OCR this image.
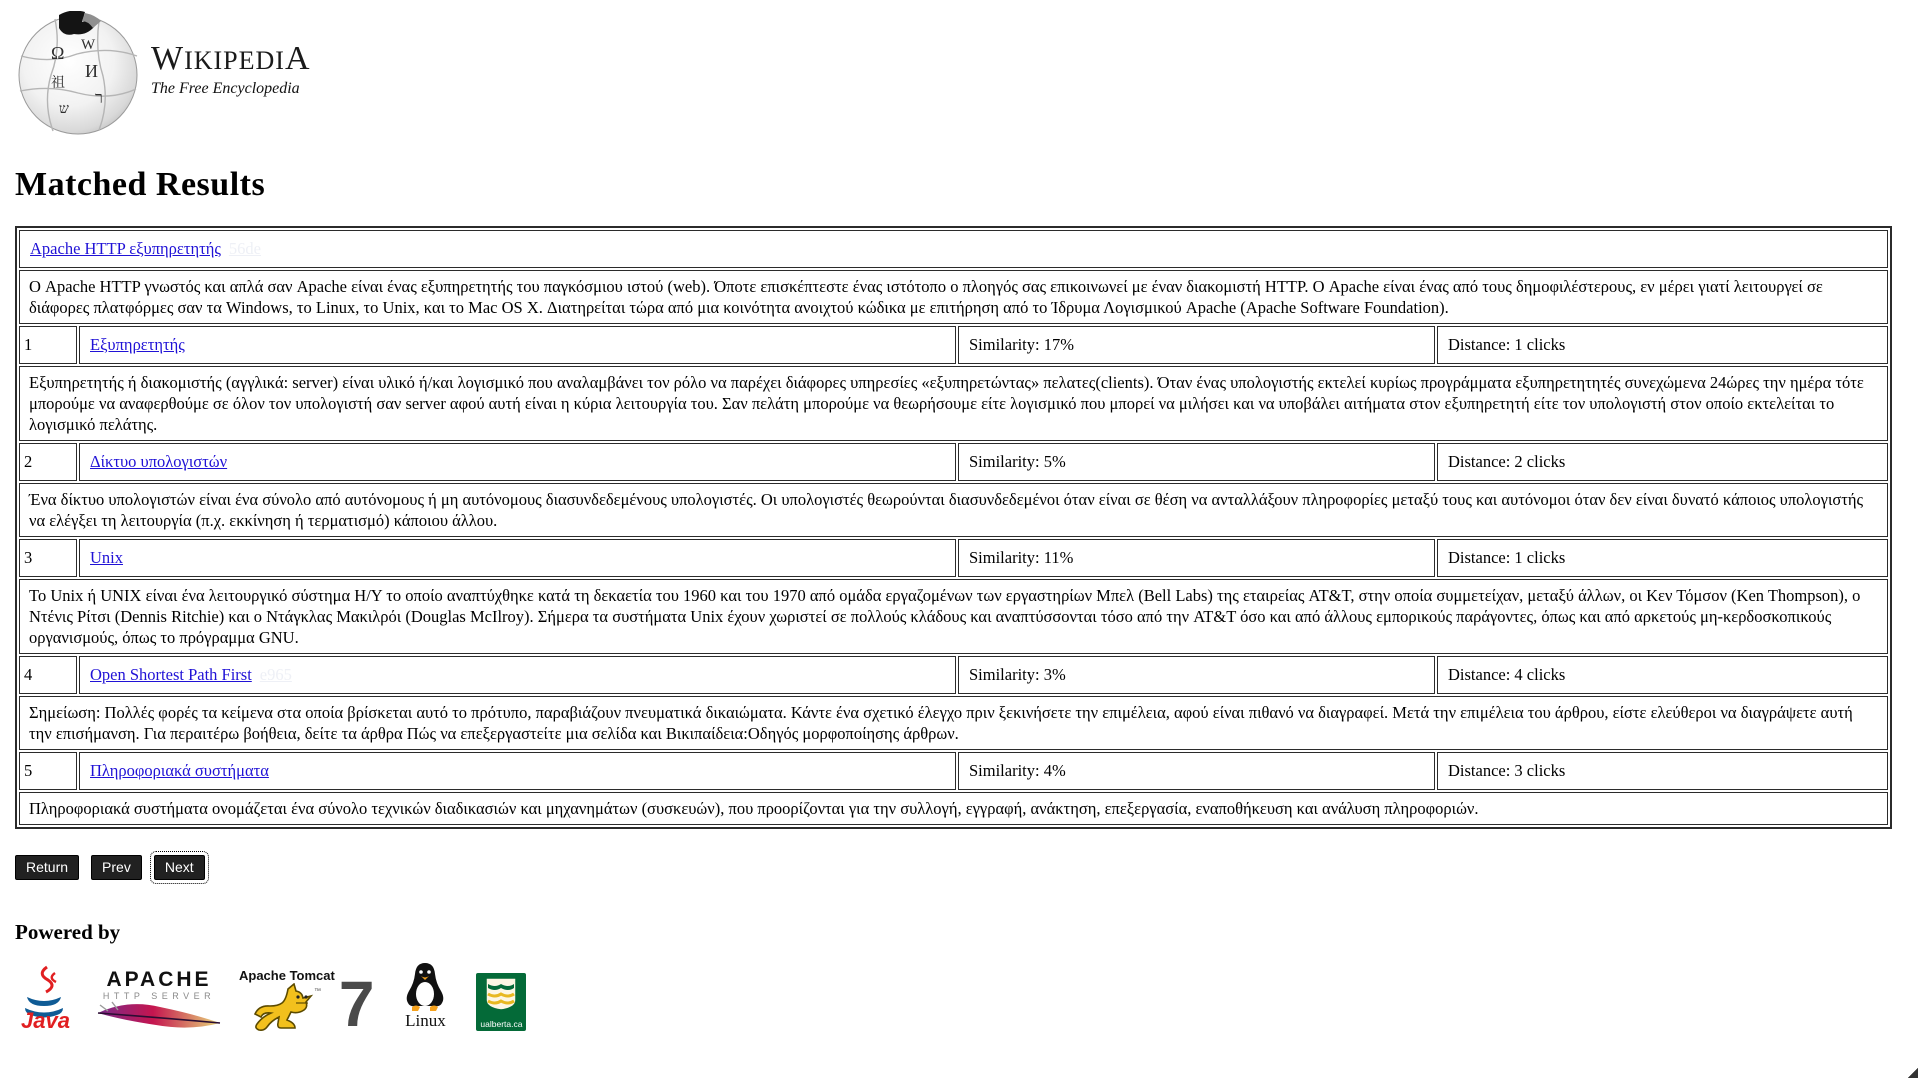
Ω W
И
祖
ר
ש
WIKIPEDIA
The Free Encyclopedia
Matched Results
Apache HTTP εξυπηρετητής 56de			
Ο Apache HTTP γνωστός και απλά σαν Apache είναι ένας εξυπηρετητής του παγκόσμιου ιστού (web). Όποτε επισκέπτεστε ένας ιστότοπο ο πλοηγός σας επικοινωνεί με έναν διακομιστή HTTP. Ο Apache είναι ένας από τους δημοφιλέστερους, εν μέρει γιατί λειτουργεί σε διάφορες πλατφόρμες σαν τα Windows, το Linux, το Unix, και το Mac OS X. Διατηρείται τώρα από μια κοινότητα ανοιχτού κώδικα με επιτήρηση από το Ίδρυμα Λογισμικού Apache (Apache Software Foundation).			
1	Εξυπηρετητής	Similarity: 17%	Distance: 1 clicks
Εξυπηρετητής ή διακομιστής (αγγλικά: server) είναι υλικό ή/και λογισμικό που αναλαμβάνει τον ρόλο να παρέχει διάφορες υπηρεσίες «εξυπηρετώντας» πελατες(clients). Όταν ένας υπολογιστής εκτελεί κυρίως προγράμματα εξυπηρετητητές συνεχώμενα 24ώρες την ημέρα τότε μπορούμε να αναφερθούμε σε όλον τον υπολογιστή σαν server αφού αυτή είναι η κύρια λειτουργία του. Σαν πελάτη μπορούμε να θεωρήσουμε είτε λογισμικό που μπορεί να μιλήσει και να υποβάλει αιτήματα στον εξυπηρετητή είτε τον υπολογιστή στον οποίο εκτελείται το λογισμικό πελάτης.			
2	Δίκτυο υπολογιστών	Similarity: 5%	Distance: 2 clicks
Ένα δίκτυο υπολογιστών είναι ένα σύνολο από αυτόνομους ή μη αυτόνομους διασυνδεδεμένους υπολογιστές. Οι υπολογιστές θεωρούνται διασυνδεδεμένοι όταν είναι σε θέση να ανταλλάξουν πληροφορίες μεταξύ τους και αυτόνομοι όταν δεν είναι δυνατό κάποιος υπολογιστής να ελέγξει τη λειτουργία (π.χ. εκκίνηση ή τερματισμό) κάποιου άλλου.			
3	Unix	Similarity: 11%	Distance: 1 clicks
Το Unix ή UNIX είναι ένα λειτουργικό σύστημα Η/Υ το οποίο αναπτύχθηκε κατά τη δεκαετία του 1960 και του 1970 από ομάδα εργαζομένων των εργαστηρίων Μπελ (Bell Labs) της εταιρείας AT&T, στην οποία συμμετείχαν, μεταξύ άλλων, οι Κεν Τόμσον (Ken Thompson), ο Ντένις Ρίτσι (Dennis Ritchie) και ο Ντάγκλας Μακιλρόι (Douglas McIlroy). Σήμερα τα συστήματα Unix έχουν χωριστεί σε πολλούς κλάδους και αναπτύσσονται τόσο από την AT&T όσο και από άλλους εμπορικούς παράγοντες, όπως και από αρκετούς μη-κερδοσκοπικούς οργανισμούς, όπως το πρόγραμμα GNU.			
4	Open Shortest Path First e965	Similarity: 3%	Distance: 4 clicks
Σημείωση: Πολλές φορές τα κείμενα στα οποία βρίσκεται αυτό το πρότυπο, παραβιάζουν πνευματικά δικαιώματα. Κάντε ένα σχετικό έλεγχο πριν ξεκινήσετε την επιμέλεια, αφού είναι πιθανό να διαγραφεί. Μετά την επιμέλεια του άρθρου, είστε ελεύθεροι να διαγράψετε αυτή την επισήμανση. Για περαιτέρω βοήθεια, δείτε τα άρθρα Πώς να επεξεργαστείτε μια σελίδα και Βικιπαίδεια:Οδηγός μορφοποίησης άρθρων.			
5	Πληροφοριακά συστήματα	Similarity: 4%	Distance: 3 clicks
Πληροφοριακά συστήματα ονομάζεται ένα σύνολο τεχνικών διαδικασιών και μηχανημάτων (συσκευών), που προορίζονται για την συλλογή, εγγραφή, ανάκτηση, επεξεργασία, εναποθήκευση και ανάλυση πληροφοριών.			
Return	Prev	Next
Powered by
Java
APACHE
HTTP SERVER
Apache Tomcat
™ 7 Linux	ualberta.ca
